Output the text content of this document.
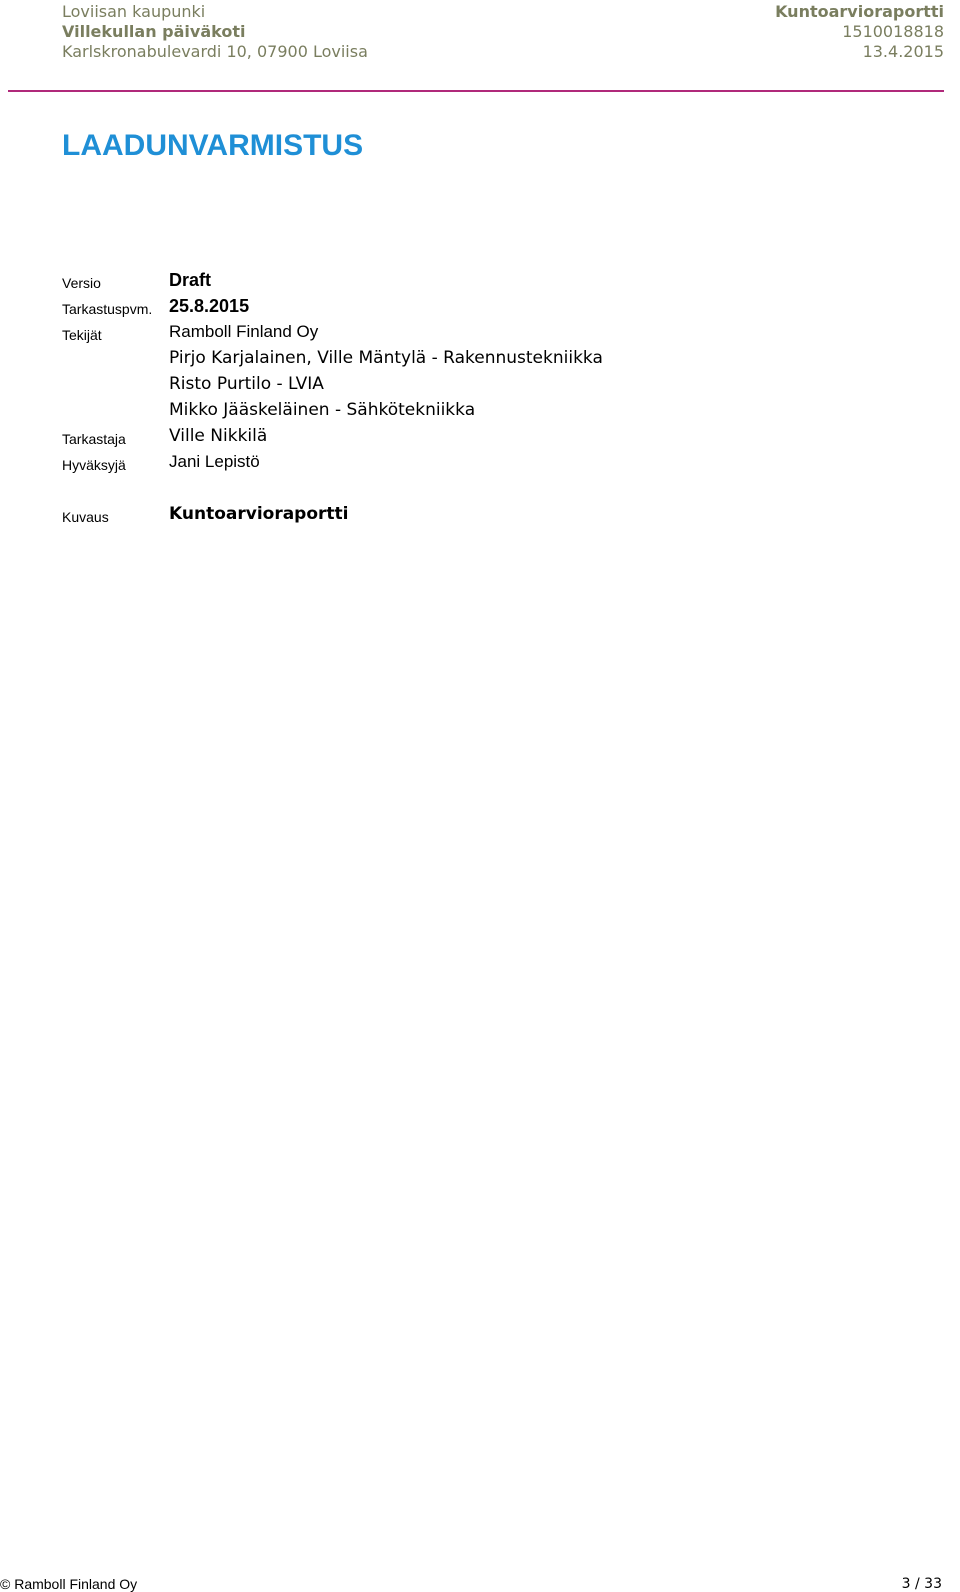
Loviisan kaupunki
Villekullan päiväkoti
Karlskronabulevardi 10, 07900 Loviisa
Kuntoarvioraportti
1510018818
13.4.2015
LAADUNVARMISTUS
Versio	Draft
Tarkastuspvm. 25.8.2015
Tekijät	Ramboll Finland Oy
Pirjo Karjalainen, Ville Mäntylä - Rakennustekniikka
Risto Purtilo - LVIA
Mikko Jääskeläinen - Sähkötekniikka
Tarkastaja	Ville Nikkilä
Hyväksyjä	Jani Lepistö
Kuvaus	Kuntoarvioraportti
© Ramboll Finland Oy	3 / 33
